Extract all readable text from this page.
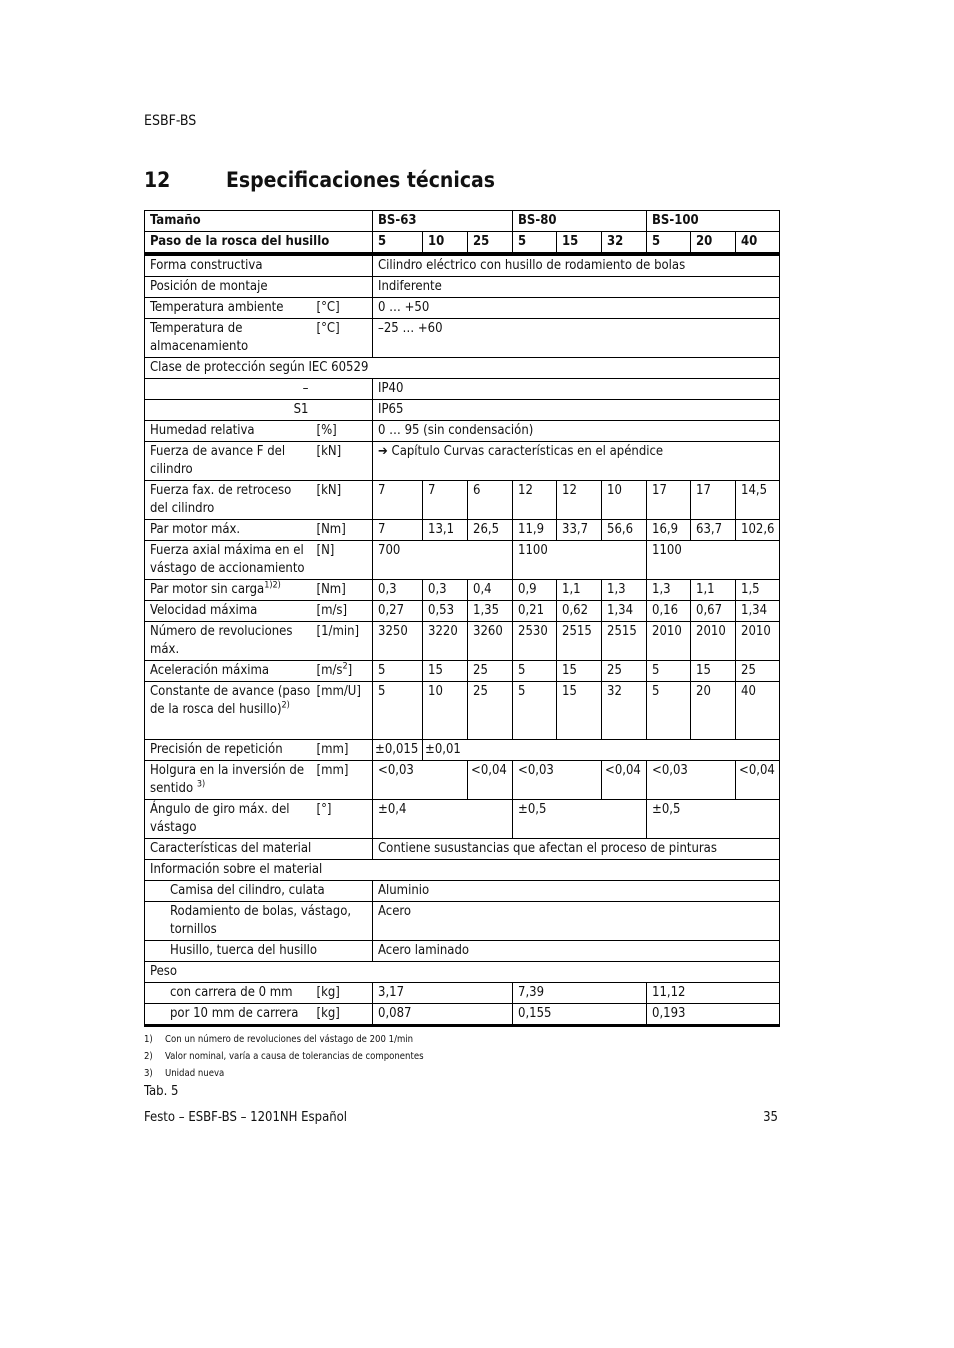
ESBF-BS
12	Especificaciones técnicas
Tamaño		BS-63			BS-80			BS-100		
Paso de la rosca del husillo		5	10	25	5	15	32	5	20	40
Forma constructiva		Cilindro eléctrico con husillo de rodamiento de bolas								
Posición de montaje		Indiferente								
Temperatura ambiente	[°C]	0 … +50								
Temperatura de almacenamiento	[°C]	–25 … +60								
Clase de protección según IEC 60529										
–		IP40								
S1		IP65								
Humedad relativa	[%]	0 … 95 (sin condensación)								
Fuerza de avance F del cilindro	[kN]	➔ Capítulo Curvas características en el apéndice								
Fuerza fax. de retroceso del cilindro	[kN]	7	7	6	12	12	10	17	17	14,5
Par motor máx.	[Nm]	7	13,1	26,5	11,9	33,7	56,6	16,9	63,7	102,6
Fuerza axial máxima en el vástago de accionamiento	[N]	700			1100			1100		
Par motor sin carga$^{1)2)}$	[Nm]	0,3	0,3	0,4	0,9	1,1	1,3	1,3	1,1	1,5
Velocidad máxima	[m/s]	0,27	0,53	1,35	0,21	0,62	1,34	0,16	0,67	1,34
Número de revoluciones máx.	[1/min]	3250	3220	3260	2530	2515	2515	2010	2010	2010
Aceleración máxima	$[m/s^2]$	5	15	25	5	15	25	5	15	25
Constante de avance (paso de la rosca del husillo)$^{2)}$	[mm/U]	5	10	25	5	15	32	5	20	40
Precisión de repetición	[mm]	±0,015	±0,01							
Holgura en la inversión de sentido $^{3)}$	[mm]	<0,03		<0,04	<0,03		<0,04	<0,03		<0,04
Ángulo de giro máx. del vástago	[°]	±0,4			±0,5			±0,5		
Características del material		Contiene susustancias que afectan el proceso de pinturas								
Información sobre el material										
Camisa del cilindro, culata		Aluminio								
Rodamiento de bolas, vástago, tornillos		Acero								
Husillo, tuerca del husillo		Acero laminado								
Peso										
con carrera de 0 mm	[kg]	3,17			7,39			11,12		
por 10 mm de carrera	[kg]	0,087			0,155			0,193		
1) Con un número de revoluciones del vástago de 200 1/min
2) Valor nominal, varía a causa de tolerancias de componentes
3) Unidad nueva
Tab. 5
Festo – ESBF-BS – 1201NH Español	35
